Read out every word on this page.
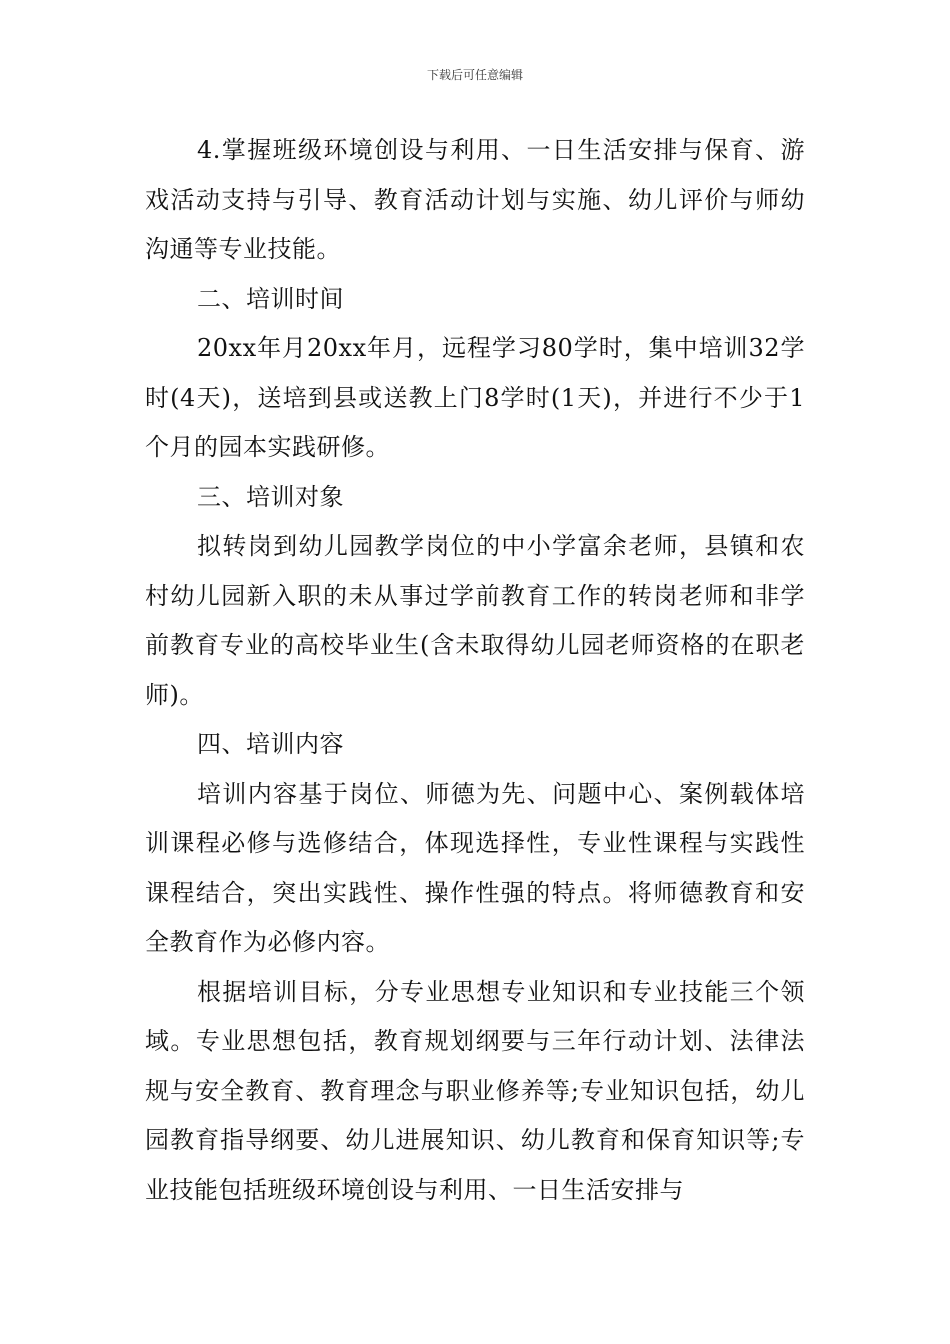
下载后可任意编辑

4.掌握班级环境创设与利用、一日生活安排与保育、游戏活动支持与引导、教育活动计划与实施、幼儿评价与师幼沟通等专业技能。

二、培训时间

20xx年月20xx年月，远程学习80学时，集中培训32学时(4天)，送培到县或送教上门8学时(1天)，并进行不少于1个月的园本实践研修。

三、培训对象

拟转岗到幼儿园教学岗位的中小学富余老师，县镇和农村幼儿园新入职的未从事过学前教育工作的转岗老师和非学前教育专业的高校毕业生(含未取得幼儿园老师资格的在职老师)。

四、培训内容

培训内容基于岗位、师德为先、问题中心、案例载体培训课程必修与选修结合，体现选择性，专业性课程与实践性课程结合，突出实践性、操作性强的特点。将师德教育和安全教育作为必修内容。

根据培训目标，分专业思想专业知识和专业技能三个领域。专业思想包括，教育规划纲要与三年行动计划、法律法规与安全教育、教育理念与职业修养等;专业知识包括，幼儿园教育指导纲要、幼儿进展知识、幼儿教育和保育知识等;专业技能包括班级环境创设与利用、一日生活安排与
